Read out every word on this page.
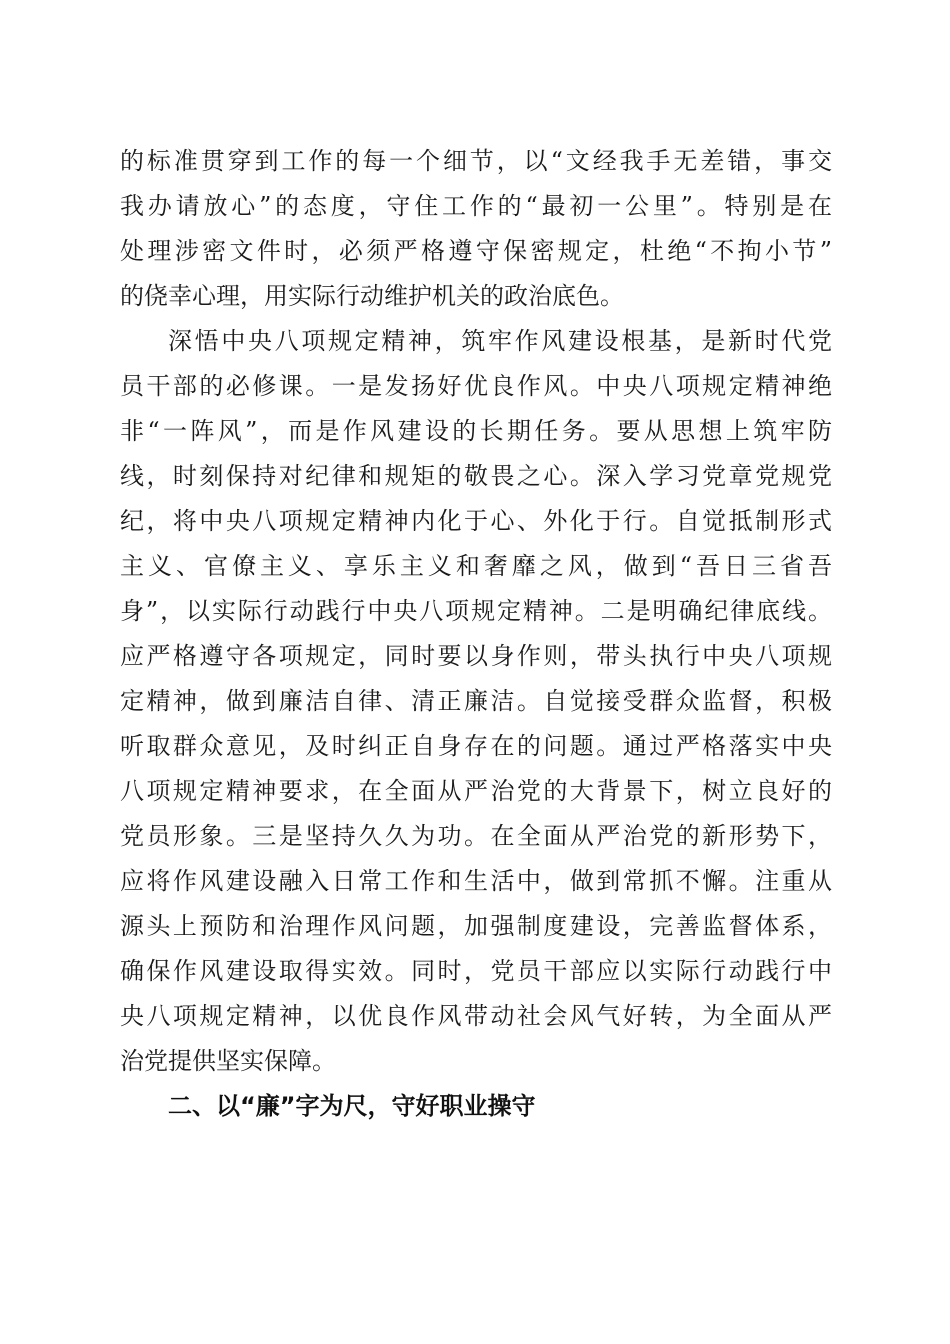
的标准贯穿到工作的每一个细节，以“文经我手无差错，事交
我办请放心”的态度，守住工作的“最初一公里”。特别是在
处理涉密文件时，必须严格遵守保密规定，杜绝“不拘小节”
的侥幸心理，用实际行动维护机关的政治底色。
深悟中央八项规定精神，筑牢作风建设根基，是新时代党
员干部的必修课。一是发扬好优良作风。中央八项规定精神绝
非“一阵风”，而是作风建设的长期任务。要从思想上筑牢防
线，时刻保持对纪律和规矩的敬畏之心。深入学习党章党规党
纪，将中央八项规定精神内化于心、外化于行。自觉抵制形式
主义、官僚主义、享乐主义和奢靡之风，做到“吾日三省吾
身”，以实际行动践行中央八项规定精神。二是明确纪律底线。
应严格遵守各项规定，同时要以身作则，带头执行中央八项规
定精神，做到廉洁自律、清正廉洁。自觉接受群众监督，积极
听取群众意见，及时纠正自身存在的问题。通过严格落实中央
八项规定精神要求，在全面从严治党的大背景下，树立良好的
党员形象。三是坚持久久为功。在全面从严治党的新形势下，
应将作风建设融入日常工作和生活中，做到常抓不懈。注重从
源头上预防和治理作风问题，加强制度建设，完善监督体系，
确保作风建设取得实效。同时，党员干部应以实际行动践行中
央八项规定精神，以优良作风带动社会风气好转，为全面从严
治党提供坚实保障。
二、以“廉”字为尺，守好职业操守
